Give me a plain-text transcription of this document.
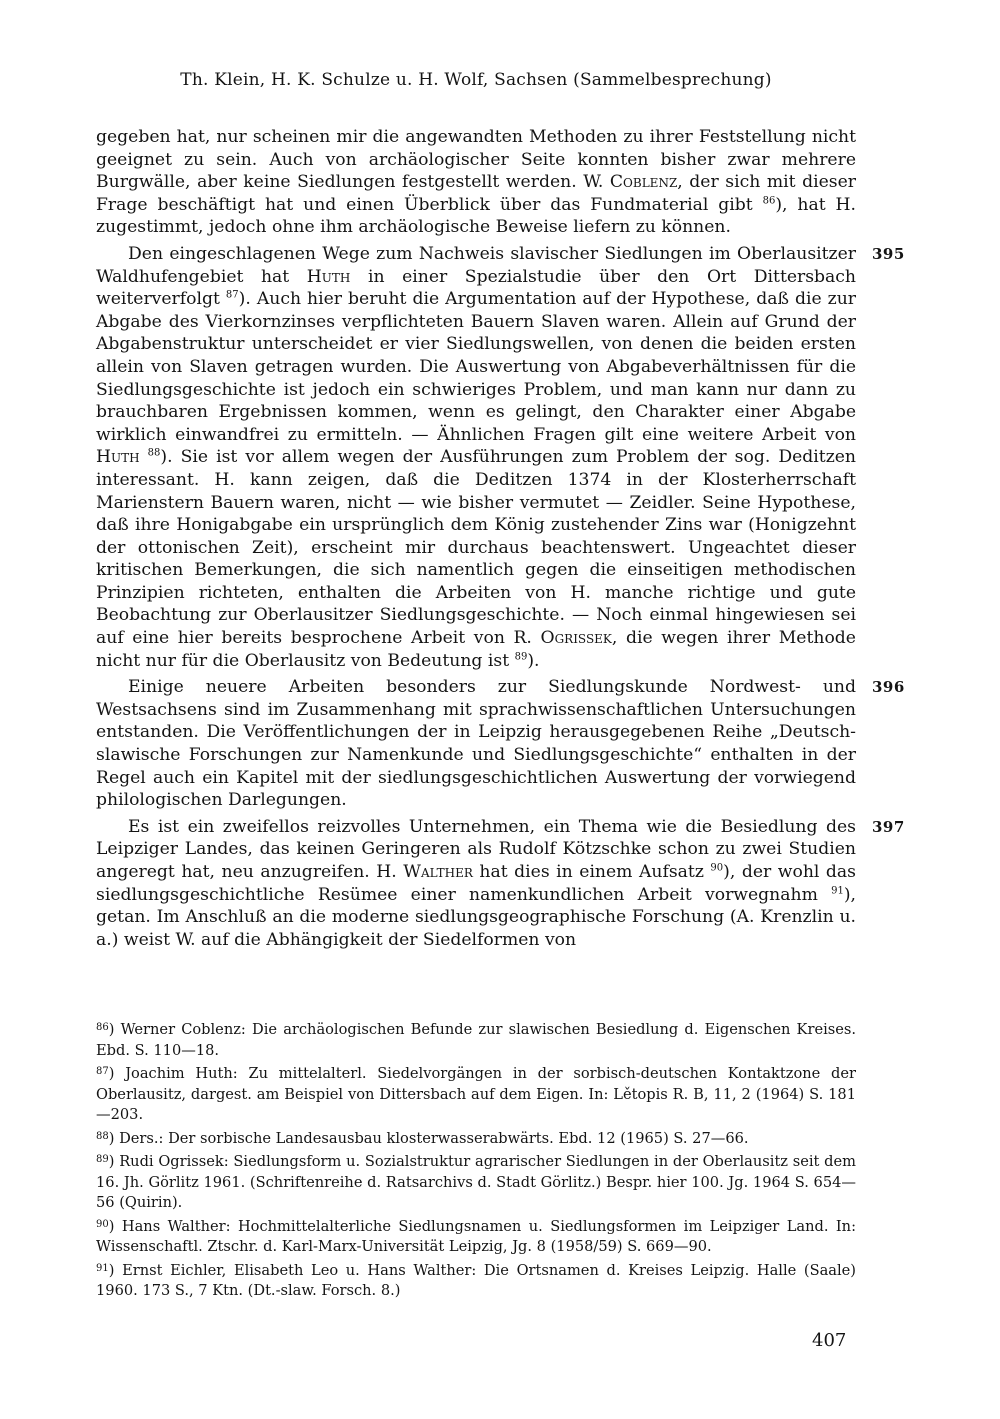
Th. Klein, H. K. Schulze u. H. Wolf, Sachsen (Sammelbesprechung)

gegeben hat, nur scheinen mir die angewandten Methoden zu ihrer Feststellung nicht geeignet zu sein. Auch von archäologischer Seite konnten bisher zwar mehrere Burgwälle, aber keine Siedlungen festgestellt werden. W. Coblenz, der sich mit dieser Frage beschäftigt hat und einen Überblick über das Fundmaterial gibt $^{86}$), hat H. zugestimmt, jedoch ohne ihm archäologische Beweise liefern zu können.

395
Den eingeschlagenen Wege zum Nachweis slavischer Siedlungen im Oberlausitzer Waldhufengebiet hat Huth in einer Spezialstudie über den Ort Dittersbach weiterverfolgt $^{87}$). Auch hier beruht die Argumentation auf der Hypothese, daß die zur Abgabe des Vierkornzinses verpflichteten Bauern Slaven waren. Allein auf Grund der Abgabenstruktur unterscheidet er vier Siedlungswellen, von denen die beiden ersten allein von Slaven getragen wurden. Die Auswertung von Abgabeverhältnissen für die Siedlungsgeschichte ist jedoch ein schwieriges Problem, und man kann nur dann zu brauchbaren Ergebnissen kommen, wenn es gelingt, den Charakter einer Abgabe wirklich einwandfrei zu ermitteln. — Ähnlichen Fragen gilt eine weitere Arbeit von Huth $^{88}$). Sie ist vor allem wegen der Ausführungen zum Problem der sog. Deditzen interessant. H. kann zeigen, daß die Deditzen 1374 in der Klosterherrschaft Marienstern Bauern waren, nicht — wie bisher vermutet — Zeidler. Seine Hypothese, daß ihre Honigabgabe ein ursprünglich dem König zustehender Zins war (Honigzehnt der ottonischen Zeit), erscheint mir durchaus beachtenswert. Ungeachtet dieser kritischen Bemerkungen, die sich namentlich gegen die einseitigen methodischen Prinzipien richteten, enthalten die Arbeiten von H. manche richtige und gute Beobachtung zur Oberlausitzer Siedlungsgeschichte. — Noch einmal hingewiesen sei auf eine hier bereits besprochene Arbeit von R. Ogrissek, die wegen ihrer Methode nicht nur für die Oberlausitz von Bedeutung ist $^{89}$).

396
Einige neuere Arbeiten besonders zur Siedlungskunde Nordwest- und Westsachsens sind im Zusammenhang mit sprachwissenschaftlichen Untersuchungen entstanden. Die Veröffentlichungen der in Leipzig herausgegebenen Reihe „Deutsch-slawische Forschungen zur Namenkunde und Siedlungsgeschichte“ enthalten in der Regel auch ein Kapitel mit der siedlungsgeschichtlichen Auswertung der vorwiegend philologischen Darlegungen.

397
Es ist ein zweifellos reizvolles Unternehmen, ein Thema wie die Besiedlung des Leipziger Landes, das keinen Geringeren als Rudolf Kötzschke schon zu zwei Studien angeregt hat, neu anzugreifen. H. Walther hat dies in einem Aufsatz $^{90}$), der wohl das siedlungsgeschichtliche Resümee einer namenkundlichen Arbeit vorwegnahm $^{91}$), getan. Im Anschluß an die moderne siedlungsgeographische Forschung (A. Krenzlin u. a.) weist W. auf die Abhängigkeit der Siedelformen von

$^{86}$) Werner Coblenz: Die archäologischen Befunde zur slawischen Besiedlung d. Eigenschen Kreises. Ebd. S. 110—18.
$^{87}$) Joachim Huth: Zu mittelalterl. Siedelvorgängen in der sorbisch-deutschen Kontaktzone der Oberlausitz, dargest. am Beispiel von Dittersbach auf dem Eigen. In: Lětopis R. B, 11, 2 (1964) S. 181—203.
$^{88}$) Ders.: Der sorbische Landesausbau klosterwasserabwärts. Ebd. 12 (1965) S. 27—66.
$^{89}$) Rudi Ogrissek: Siedlungsform u. Sozialstruktur agrarischer Siedlungen in der Oberlausitz seit dem 16. Jh. Görlitz 1961. (Schriftenreihe d. Ratsarchivs d. Stadt Görlitz.) Bespr. hier 100. Jg. 1964 S. 654—56 (Quirin).
$^{90}$) Hans Walther: Hochmittelalterliche Siedlungsnamen u. Siedlungsformen im Leipziger Land. In: Wissenschaftl. Ztschr. d. Karl-Marx-Universität Leipzig, Jg. 8 (1958/59) S. 669—90.
$^{91}$) Ernst Eichler, Elisabeth Leo u. Hans Walther: Die Ortsnamen d. Kreises Leipzig. Halle (Saale) 1960. 173 S., 7 Ktn. (Dt.-slaw. Forsch. 8.)
407
